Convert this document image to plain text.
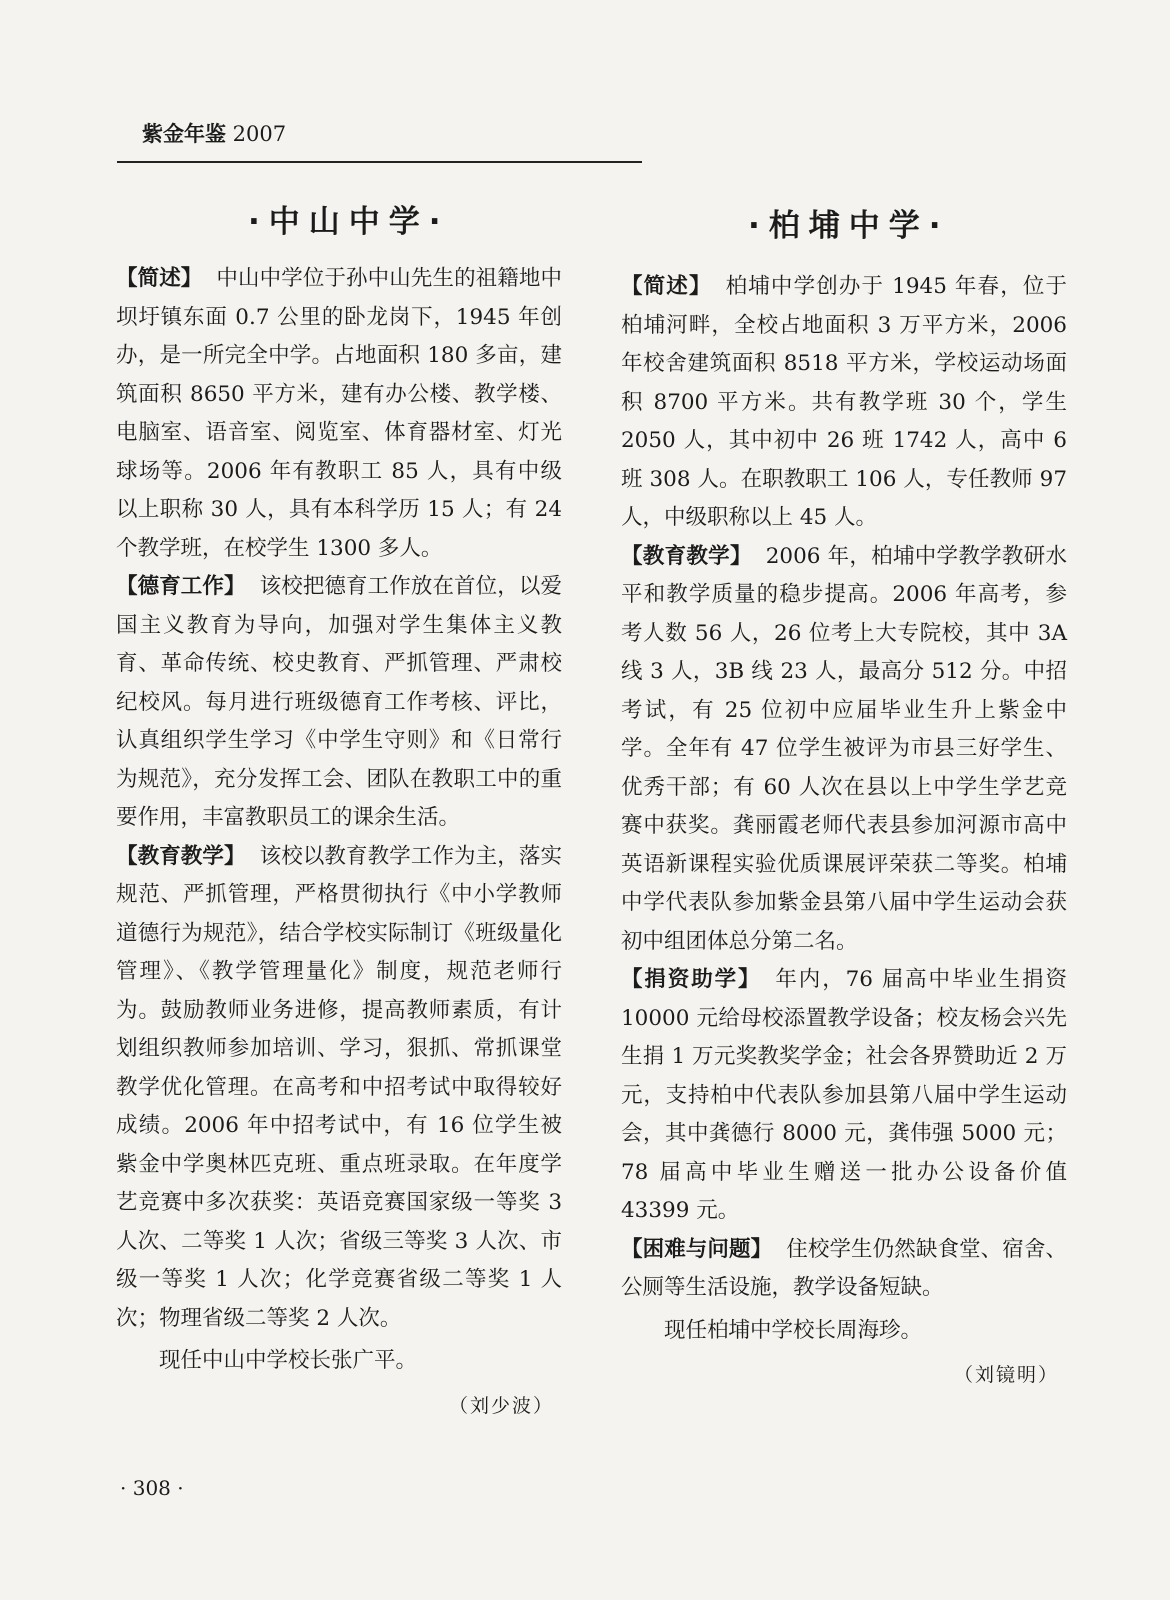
紫金年鉴 2007
·中山中学·	·柏埔中学·

【简述】 中山中学位于孙中山先生的祖籍地中坝圩镇东面 0.7 公里的卧龙岗下，1945 年创办，是一所完全中学。占地面积 180 多亩，建筑面积 8650 平方米，建有办公楼、教学楼、电脑室、语音室、阅览室、体育器材室、灯光球场等。2006 年有教职工 85 人，具有中级以上职称 30 人，具有本科学历 15 人；有 24 个教学班，在校学生 1300 多人。

【德育工作】 该校把德育工作放在首位，以爱国主义教育为导向，加强对学生集体主义教育、革命传统、校史教育、严抓管理、严肃校纪校风。每月进行班级德育工作考核、评比，认真组织学生学习《中学生守则》和《日常行为规范》，充分发挥工会、团队在教职工中的重要作用，丰富教职员工的课余生活。

【教育教学】 该校以教育教学工作为主，落实规范、严抓管理，严格贯彻执行《中小学教师道德行为规范》，结合学校实际制订《班级量化管理》、《教学管理量化》制度，规范老师行为。鼓励教师业务进修，提高教师素质，有计划组织教师参加培训、学习，狠抓、常抓课堂教学优化管理。在高考和中招考试中取得较好成绩。2006 年中招考试中，有 16 位学生被紫金中学奥林匹克班、重点班录取。在年度学艺竞赛中多次获奖：英语竞赛国家级一等奖 3 人次、二等奖 1 人次；省级三等奖 3 人次、市级一等奖 1 人次；化学竞赛省级二等奖 1 人次；物理省级二等奖 2 人次。

现任中山中学校长张广平。

（刘少波）

【简述】 柏埔中学创办于 1945 年春，位于柏埔河畔，全校占地面积 3 万平方米，2006 年校舍建筑面积 8518 平方米，学校运动场面积 8700 平方米。共有教学班 30 个，学生 2050 人，其中初中 26 班 1742 人，高中 6 班 308 人。在职教职工 106 人，专任教师 97 人，中级职称以上 45 人。

【教育教学】 2006 年，柏埔中学教学教研水平和教学质量的稳步提高。2006 年高考，参考人数 56 人，26 位考上大专院校，其中 3A 线 3 人，3B 线 23 人，最高分 512 分。中招考试，有 25 位初中应届毕业生升上紫金中学。全年有 47 位学生被评为市县三好学生、优秀干部；有 60 人次在县以上中学生学艺竞赛中获奖。龚丽霞老师代表县参加河源市高中英语新课程实验优质课展评荣获二等奖。柏埔中学代表队参加紫金县第八届中学生运动会获初中组团体总分第二名。

【捐资助学】 年内，76 届高中毕业生捐资 10000 元给母校添置教学设备；校友杨会兴先生捐 1 万元奖教奖学金；社会各界赞助近 2 万元，支持柏中代表队参加县第八届中学生运动会，其中龚德行 8000 元，龚伟强 5000 元；78 届高中毕业生赠送一批办公设备价值 43399 元。

【困难与问题】 住校学生仍然缺食堂、宿舍、公厕等生活设施，教学设备短缺。

现任柏埔中学校长周海珍。

（刘镜明）

· 308 ·
